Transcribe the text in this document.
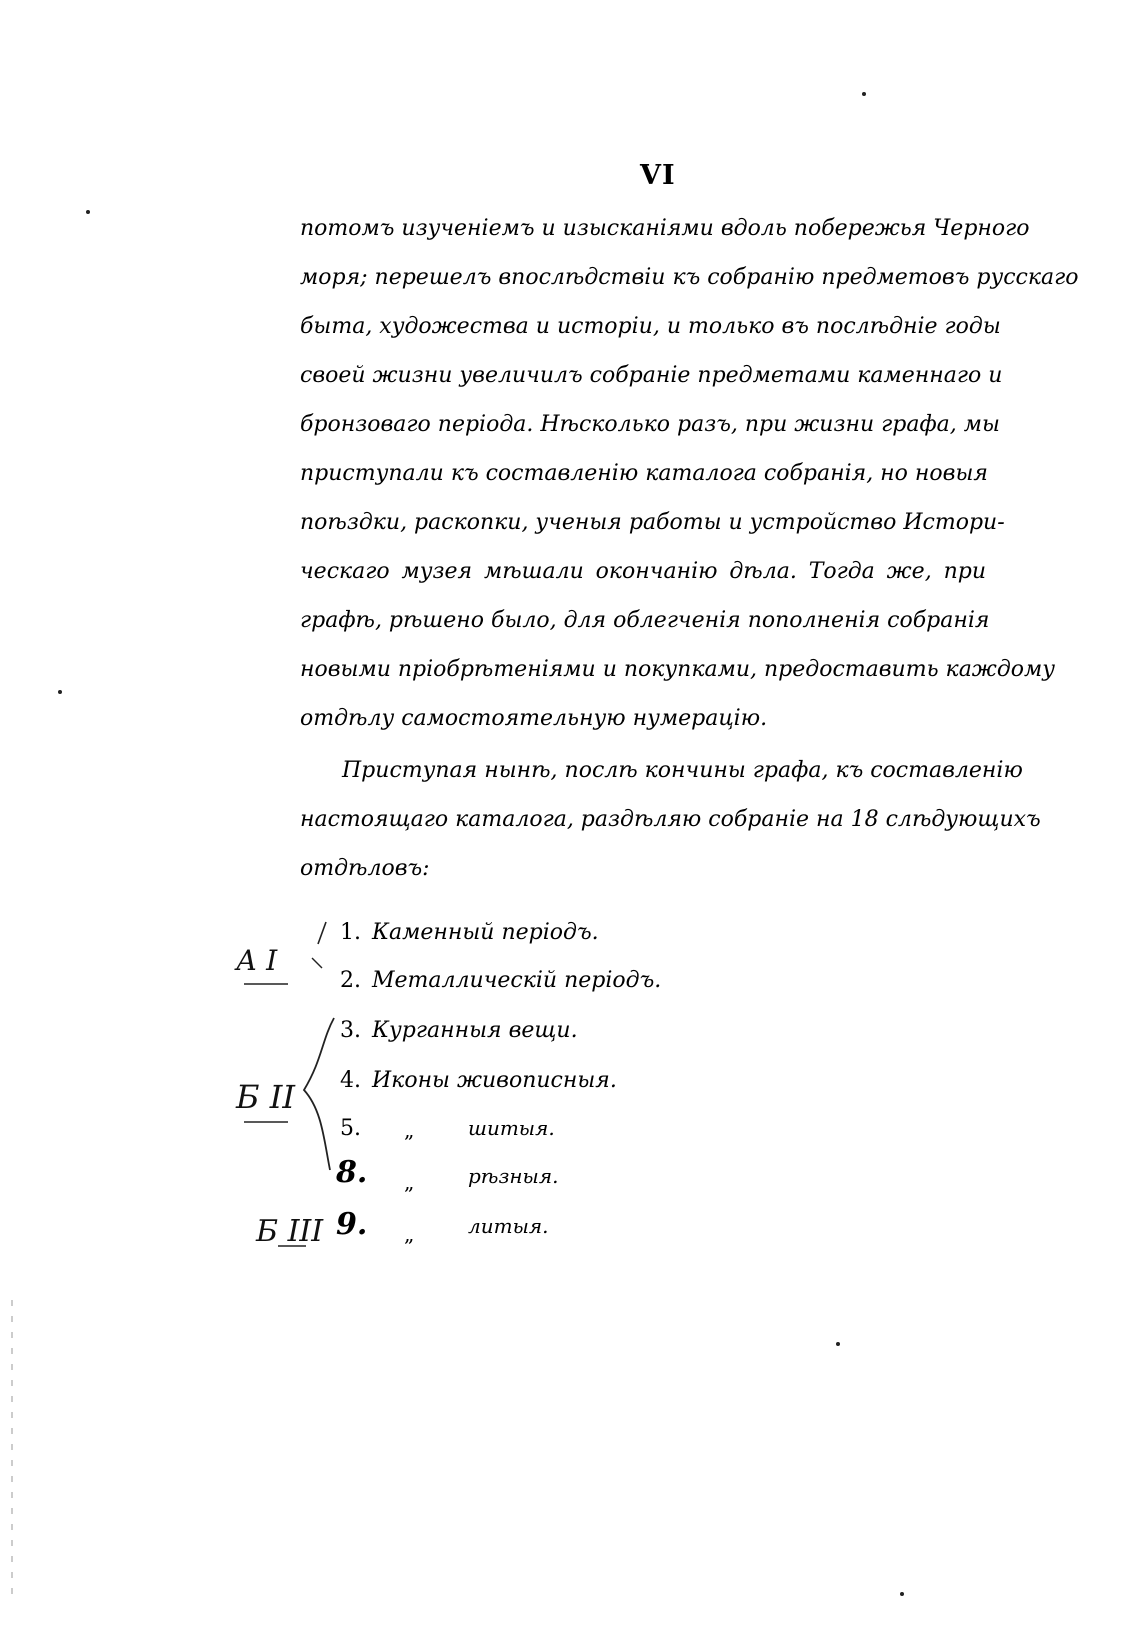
VI
потомъ изученіемъ и изысканіями вдоль побережья Черного
моря; перешелъ впослѣдствіи къ собранію предметовъ русскаго
быта, художества и исторіи, и только въ послѣдніе годы
своей жизни увеличилъ собраніе предметами каменнаго и
бронзоваго періода. Нѣсколько разъ, при жизни графа, мы
приступали къ составленію каталога собранія, но новыя
поѣздки, раскопки, ученыя работы и устройство Истори-
ческаго музея мѣшали окончанію дѣла. Тогда же, при
графѣ, рѣшено было, для облегченія пополненія собранія
новыми пріобрѣтеніями и покупками, предоставить каждому
отдѣлу самостоятельную нумерацію.
Приступая нынѣ, послѣ кончины графа, къ составленію
настоящаго каталога, раздѣляю собраніе на 18 слѣдующихъ
отдѣловъ:
1. Каменный періодъ.
2. Металлическій періодъ.
3. Курганныя вещи.
4. Иконы живописныя.
5.	„	шитыя.
8. „	рѣзныя.
9. „	литыя.
А I
Б II
Б III
